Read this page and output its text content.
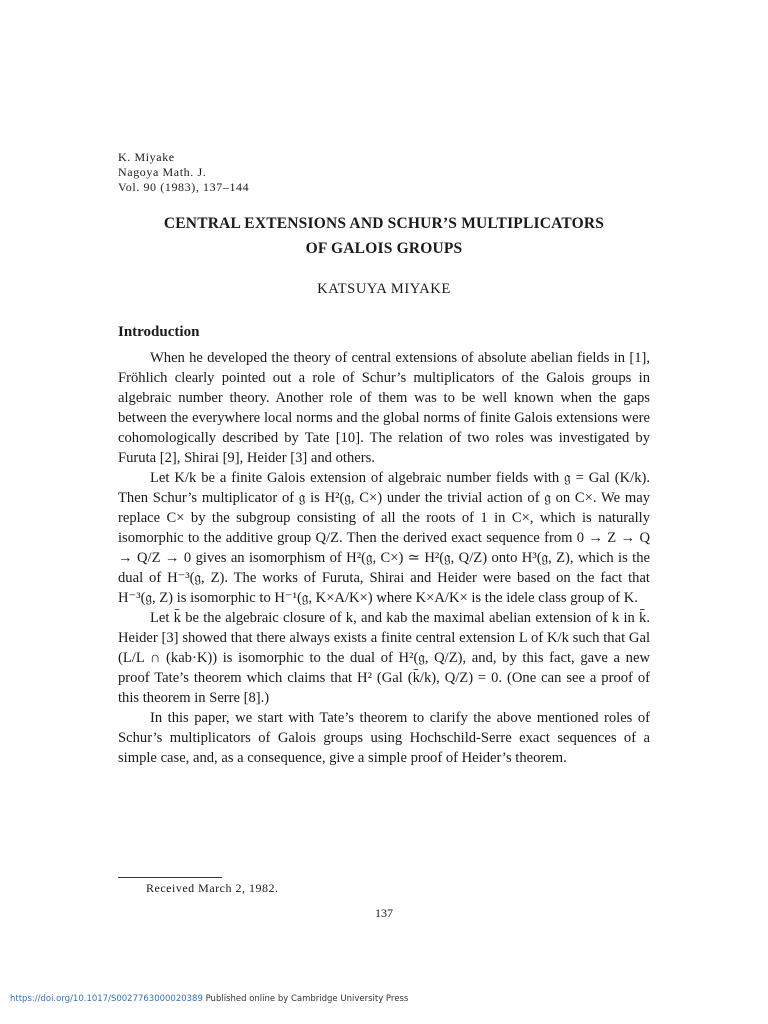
K. Miyake
Nagoya Math. J.
Vol. 90 (1983), 137–144
CENTRAL EXTENSIONS AND SCHUR’S MULTIPLICATORS
OF GALOIS GROUPS
KATSUYA MIYAKE
Introduction

When he developed the theory of central extensions of absolute abelian fields in [1], Fröhlich clearly pointed out a role of Schur’s multiplicators of the Galois groups in algebraic number theory. Another role of them was to be well known when the gaps between the everywhere local norms and the global norms of finite Galois extensions were cohomologically described by Tate [10]. The relation of two roles was investigated by Furuta [2], Shirai [9], Heider [3] and others.

Let K/k be a finite Galois extension of algebraic number fields with 𝔤 = Gal (K/k). Then Schur’s multiplicator of 𝔤 is H²(𝔤, C×) under the trivial action of 𝔤 on C×. We may replace C× by the subgroup consisting of all the roots of 1 in C×, which is naturally isomorphic to the additive group Q/Z. Then the derived exact sequence from 0 → Z → Q → Q/Z → 0 gives an isomorphism of H²(𝔤, C×) ≃ H²(𝔤, Q/Z) onto H³(𝔤, Z), which is the dual of H⁻³(𝔤, Z). The works of Furuta, Shirai and Heider were based on the fact that H⁻³(𝔤, Z) is isomorphic to H⁻¹(𝔤, K×A/K×) where K×A/K× is the idele class group of K.

Let k̄ be the algebraic closure of k, and kab the maximal abelian extension of k in k̄. Heider [3] showed that there always exists a finite central extension L of K/k such that Gal (L/L ∩ (kab·K)) is isomorphic to the dual of H²(𝔤, Q/Z), and, by this fact, gave a new proof Tate’s theorem which claims that H² (Gal (k̄/k), Q/Z) = 0. (One can see a proof of this theorem in Serre [8].)

In this paper, we start with Tate’s theorem to clarify the above mentioned roles of Schur’s multiplicators of Galois groups using Hochschild-Serre exact sequences of a simple case, and, as a consequence, give a simple proof of Heider’s theorem.

Received March 2, 1982.
137
https://doi.org/10.1017/S0027763000020389 Published online by Cambridge University Press
